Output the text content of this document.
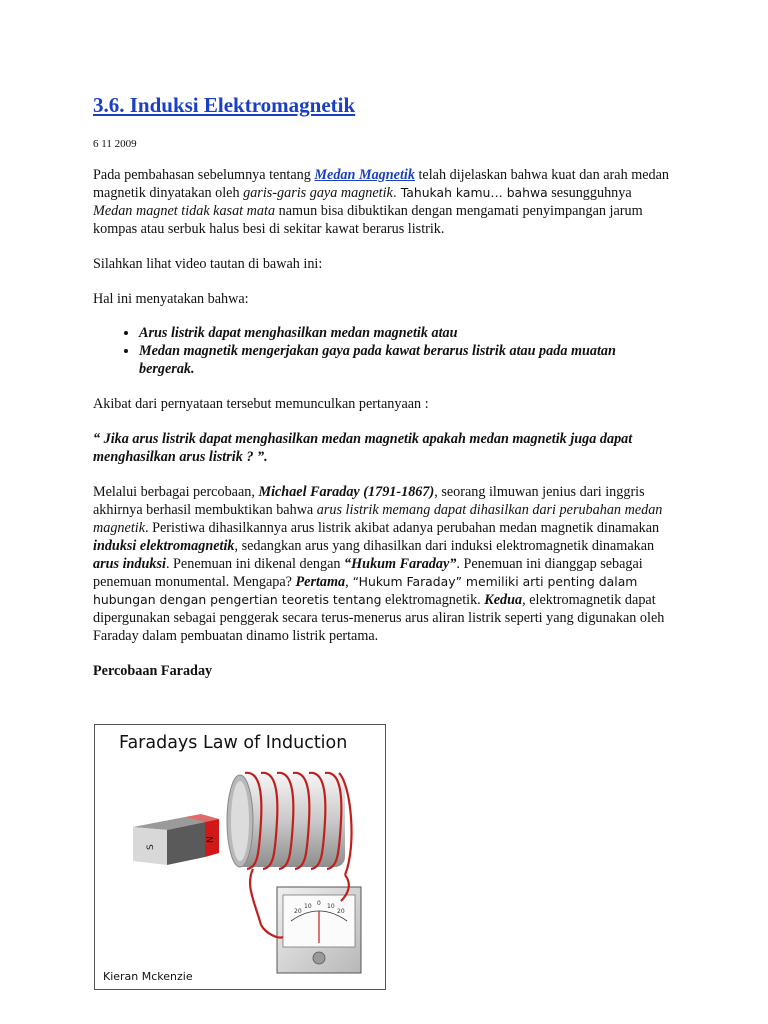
3.6. Induksi Elektromagnetik
6 11 2009

Pada pembahasan sebelumnya tentang Medan Magnetik telah dijelaskan bahwa kuat dan arah medan magnetik dinyatakan oleh garis-garis gaya magnetik. Tahukah kamu… bahwa sesungguhnya Medan magnet tidak kasat mata namun bisa dibuktikan dengan mengamati penyimpangan jarum kompas atau serbuk halus besi di sekitar kawat berarus listrik.

Silahkan lihat video tautan di bawah ini:

Hal ini menyatakan bahwa:

• Arus listrik dapat menghasilkan medan magnetik atau
• Medan magnetik mengerjakan gaya pada kawat berarus listrik atau pada muatan bergerak.

Akibat dari pernyataan tersebut memunculkan pertanyaan :

“ Jika arus listrik dapat menghasilkan medan magnetik apakah medan magnetik juga dapat menghasilkan arus listrik ? ”.

Melalui berbagai percobaan, Michael Faraday (1791-1867), seorang ilmuwan jenius dari inggris akhirnya berhasil membuktikan bahwa arus listrik memang dapat dihasilkan dari perubahan medan magnetik. Peristiwa dihasilkannya arus listrik akibat adanya perubahan medan magnetik dinamakan induksi elektromagnetik, sedangkan arus yang dihasilkan dari induksi elektromagnetik dinamakan arus induksi. Penemuan ini dikenal dengan “Hukum Faraday”. Penemuan ini dianggap sebagai penemuan monumental. Mengapa? Pertama, “Hukum Faraday” memiliki arti penting dalam hubungan dengan pengertian teoretis tentang elektromagnetik. Kedua, elektromagnetik dapat dipergunakan sebagai penggerak secara terus-menerus arus aliran listrik seperti yang digunakan oleh Faraday dalam pembuatan dinamo listrik pertama.

Percobaan Faraday

Faradays Law of Induction
S
N
20
10 0 10
20
Kieran Mckenzie
